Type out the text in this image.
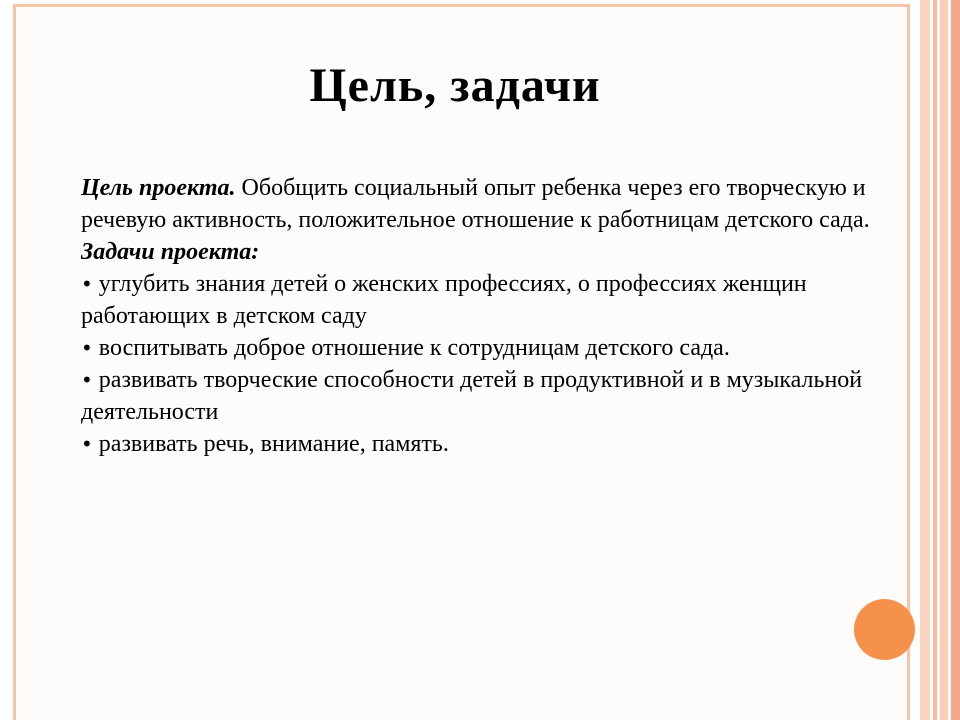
Цель, задачи

Цель проекта. Обобщить социальный опыт ребенка через его творческую и речевую активность, положительное отношение к работницам детского сада.

Задачи проекта:

• углубить знания детей о женских профессиях, о профессиях женщин работающих в детском саду

• воспитывать доброе отношение к сотрудницам детского сада.

• развивать творческие способности детей в продуктивной и в музыкальной деятельности

• развивать речь, внимание, память.
